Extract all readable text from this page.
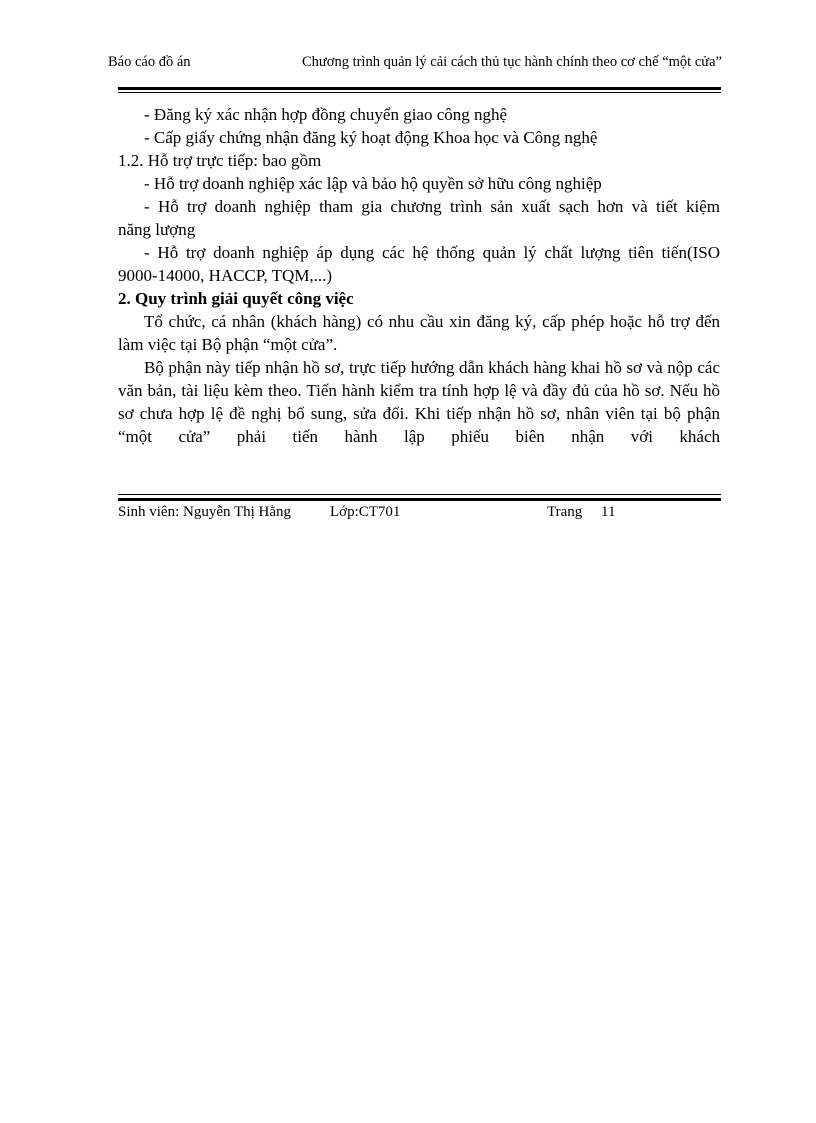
Báo cáo đồ án	Chương trình quản lý cải cách thủ tục hành chính theo cơ chế “một cửa”
- Đăng ký xác nhận hợp đồng chuyển giao công nghệ
- Cấp giấy chứng nhận đăng ký hoạt động Khoa học và Công nghệ
1.2. Hỗ trợ trực tiếp: bao gồm
- Hỗ trợ doanh nghiệp xác lập và bảo hộ quyền sở hữu công nghiệp
- Hỗ trợ doanh nghiệp tham gia chương trình sản xuất sạch hơn và tiết kiệm
năng lượng
- Hỗ trợ doanh nghiệp áp dụng các hệ thống quản lý chất lượng tiên tiến(ISO
9000-14000, HACCP, TQM,...)
2. Quy trình giải quyết công việc

Tổ chức, cá nhân (khách hàng) có nhu cầu xin đăng ký, cấp phép hoặc hỗ trợ đến làm việc tại Bộ phận “một cửa”.

Bộ phận này tiếp nhận hồ sơ, trực tiếp hướng dẫn khách hàng khai hồ sơ và nộp các văn bản, tài liệu kèm theo. Tiến hành kiểm tra tính hợp lệ và đầy đủ của hồ sơ. Nếu hồ sơ chưa hợp lệ đề nghị bổ sung, sửa đổi. Khi tiếp nhận hồ sơ, nhân viên tại bộ phận “một cửa” phải tiến hành lập phiếu biên nhận với khách

Sinh viên: Nguyễn Thị Hằng	Lớp:CT701	Trang 11
